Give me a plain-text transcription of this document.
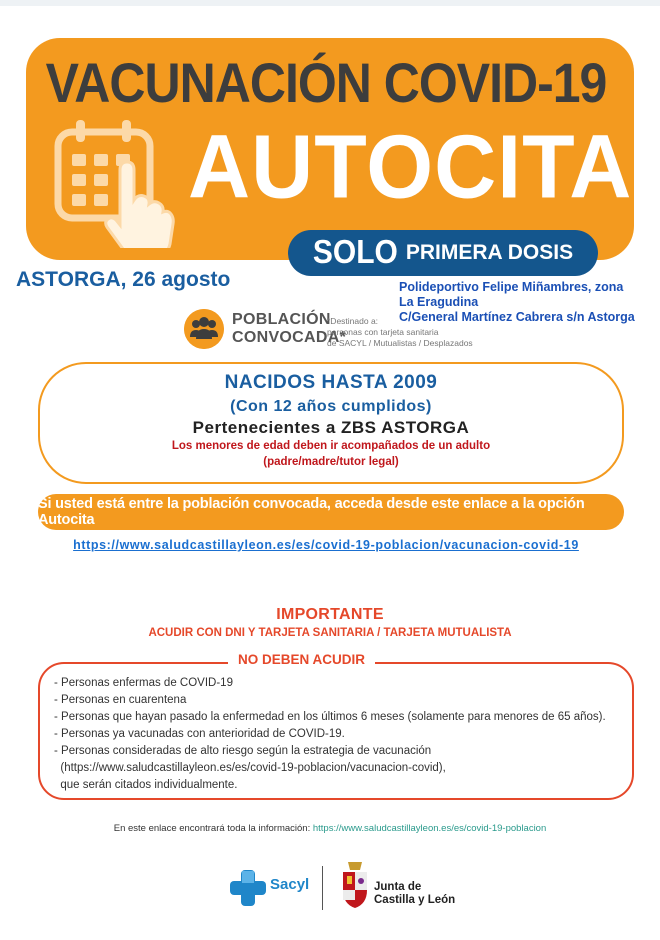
VACUNACIÓN COVID-19
AUTOCITA
SOLO PRIMERA DOSIS
ASTORGA, 26 agosto	Polideportivo Felipe Miñambres, zona
La Eragudina
C/General Martínez Cabrera s/n Astorga
POBLACIÓN
CONVOCADA*
*Destinado a:
personas con tarjeta sanitaria
de SACYL / Mutualistas / Desplazados
NACIDOS HASTA 2009
(Con 12 años cumplidos)
Pertenecientes a ZBS ASTORGA
Los menores de edad deben ir acompañados de un adulto
(padre/madre/tutor legal)
Si usted está entre la población convocada, acceda desde este enlace a la opción Autocita
https://www.saludcastillayleon.es/es/covid-19-poblacion/vacunacion-covid-19
IMPORTANTE
ACUDIR CON DNI Y TARJETA SANITARIA / TARJETA MUTUALISTA
NO DEBEN ACUDIR
- Personas enfermas de COVID-19
- Personas en cuarentena
- Personas que hayan pasado la enfermedad en los últimos 6 meses (solamente para menores de 65 años).
- Personas ya vacunadas con anterioridad de COVID-19.
- Personas consideradas de alto riesgo según la estrategia de vacunación
(https://www.saludcastillayleon.es/es/covid-19-poblacion/vacunacion-covid),
que serán citados individualmente.
En este enlace encontrará toda la información: https://www.saludcastillayleon.es/es/covid-19-poblacion
Sacyl	Junta de
Castilla y León
